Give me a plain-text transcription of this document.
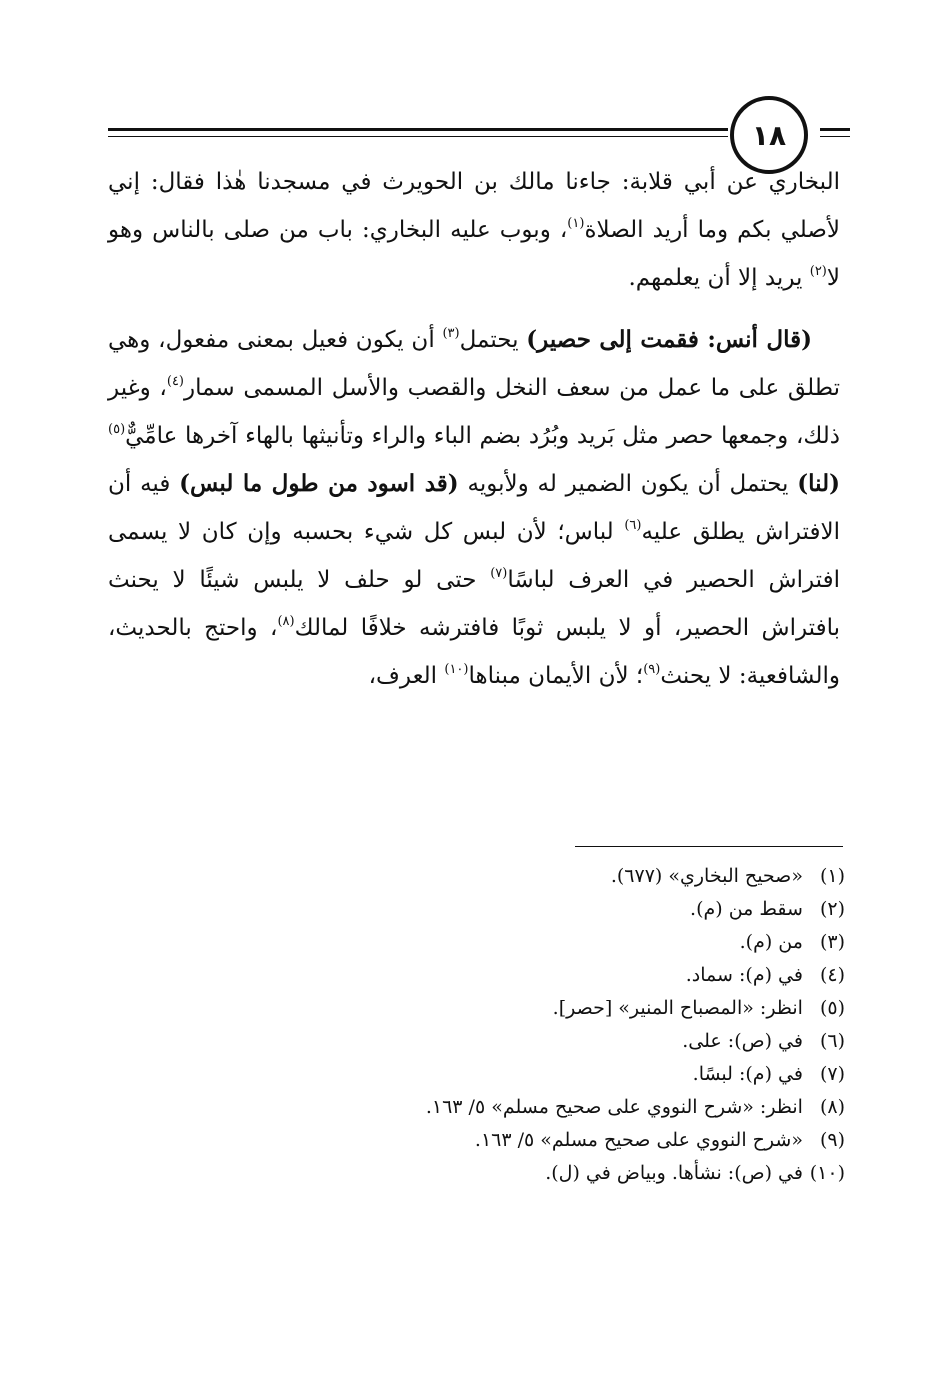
١٨

البخاري عن أبي قلابة: جاءنا مالك بن الحويرث في مسجدنا هٰذا فقال: إني لأصلي بكم وما أريد الصلاة$^{(١)}$، وبوب عليه البخاري: باب من صلى بالناس وهو لا$^{(٢)}$ يريد إلا أن يعلمهم.

(قال أنس: فقمت إلى حصير) يحتمل$^{(٣)}$ أن يكون فعيل بمعنى مفعول، وهي تطلق على ما عمل من سعف النخل والقصب والأسل المسمى سمار$^{(٤)}$، وغير ذلك، وجمعها حصر مثل بَريد وبُرُد بضم الباء والراء وتأنيثها بالهاء آخرها عامِّيٌّ$^{(٥)}$ (لنا) يحتمل أن يكون الضمير له ولأبويه (قد اسود من طول ما لبس) فيه أن الافتراش يطلق عليه$^{(٦)}$ لباس؛ لأن لبس كل شيء بحسبه وإن كان لا يسمى افتراش الحصير في العرف لباسًا$^{(٧)}$ حتى لو حلف لا يلبس شيئًا لا يحنث بافتراش الحصير، أو لا يلبس ثوبًا فافترشه خلافًا لمالك$^{(٨)}$، واحتج بالحديث، والشافعية: لا يحنث$^{(٩)}$؛ لأن الأيمان مبناها$^{(١٠)}$ العرف،

(١) «صحيح البخاري» (٦٧٧).
(٢) سقط من (م).
(٣) من (م).
(٤) في (م): سماد.
(٥) انظر: «المصباح المنير» [حصر].
(٦) في (ص): على.
(٧) في (م): لبسًا.
(٨) انظر: «شرح النووي على صحيح مسلم» ٥/ ١٦٣.
(٩) «شرح النووي على صحيح مسلم» ٥/ ١٦٣.
(١٠) في (ص): نشأها. وبياض في (ل).
